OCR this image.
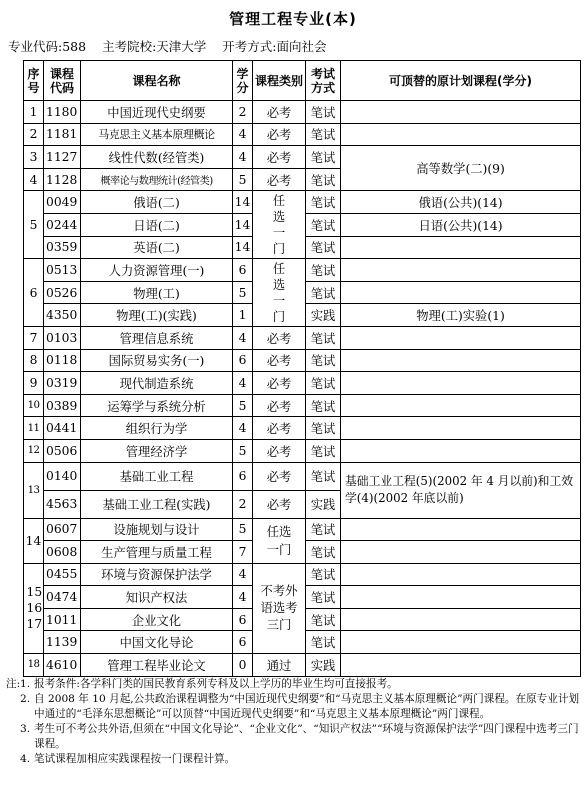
管理工程专业(本)
专业代码:588 主考院校:天津大学 开考方式:面向社会
序号	课程代码	课程名称	学分	课程类别	考试方式	可顶替的原计划课程(学分)
1	1180	中国近现代史纲要	2	必考	笔试	
2	1181	马克思主义基本原理概论	4	必考	笔试	
3	1127	线性代数(经管类)	4	必考	笔试	高等数学(二)(9)
4	1128	概率论与数理统计(经管类)	5	必考	笔试	
5	0049	俄语(二)	14	任选一门	笔试	俄语(公共)(14)
	0244	日语(二)	14		笔试	日语(公共)(14)
	0359	英语(二)	14		笔试	
6	0513	人力资源管理(一)	6	任选一门	笔试	
	0526	物理(工)	5		笔试	
	4350	物理(工)(实践)	1		实践	物理(工)实验(1)
7	0103	管理信息系统	4	必考	笔试	
8	0118	国际贸易实务(一)	6	必考	笔试	
9	0319	现代制造系统	4	必考	笔试	
10	0389	运筹学与系统分析	5	必考	笔试	
11	0441	组织行为学	4	必考	笔试	
12	0506	管理经济学	5	必考	笔试	
13	0140	基础工业工程	6	必考	笔试	基础工业工程(5)(2002 年 4 月以前)和工效学(4)(2002 年底以前)
	4563	基础工业工程(实践)	2	必考	实践	
14	0607	设施规划与设计	5	任选一门	笔试	
	0608	生产管理与质量工程	7		笔试	

15 16 17	0455	环境与资源保护法学	4	不考外语选考三门	笔试	
	0474	知识产权法	4		笔试	
	1011	企业文化	6		笔试	
	1139	中国文化导论	6		笔试	
18	4610	管理工程毕业论文	0	通过	实践	
注: 1. 报考条件:各学科门类的国民教育系列专科及以上学历的毕业生均可直接报考。
2. 自 2008 年 10 月起,公共政治课程调整为“中国近现代史纲要”和“马克思主义基本原理概论”两门课程。在原专业计划中通过的“毛泽东思想概论”可以顶替“中国近现代史纲要”和“马克思主义基本原理概论”两门课程。
3. 考生可不考公共外语,但须在“中国文化导论”、“企业文化”、“知识产权法”“环境与资源保护法学”四门课程中选考三门课程。
4. 笔试课程加相应实践课程按一门课程计算。
